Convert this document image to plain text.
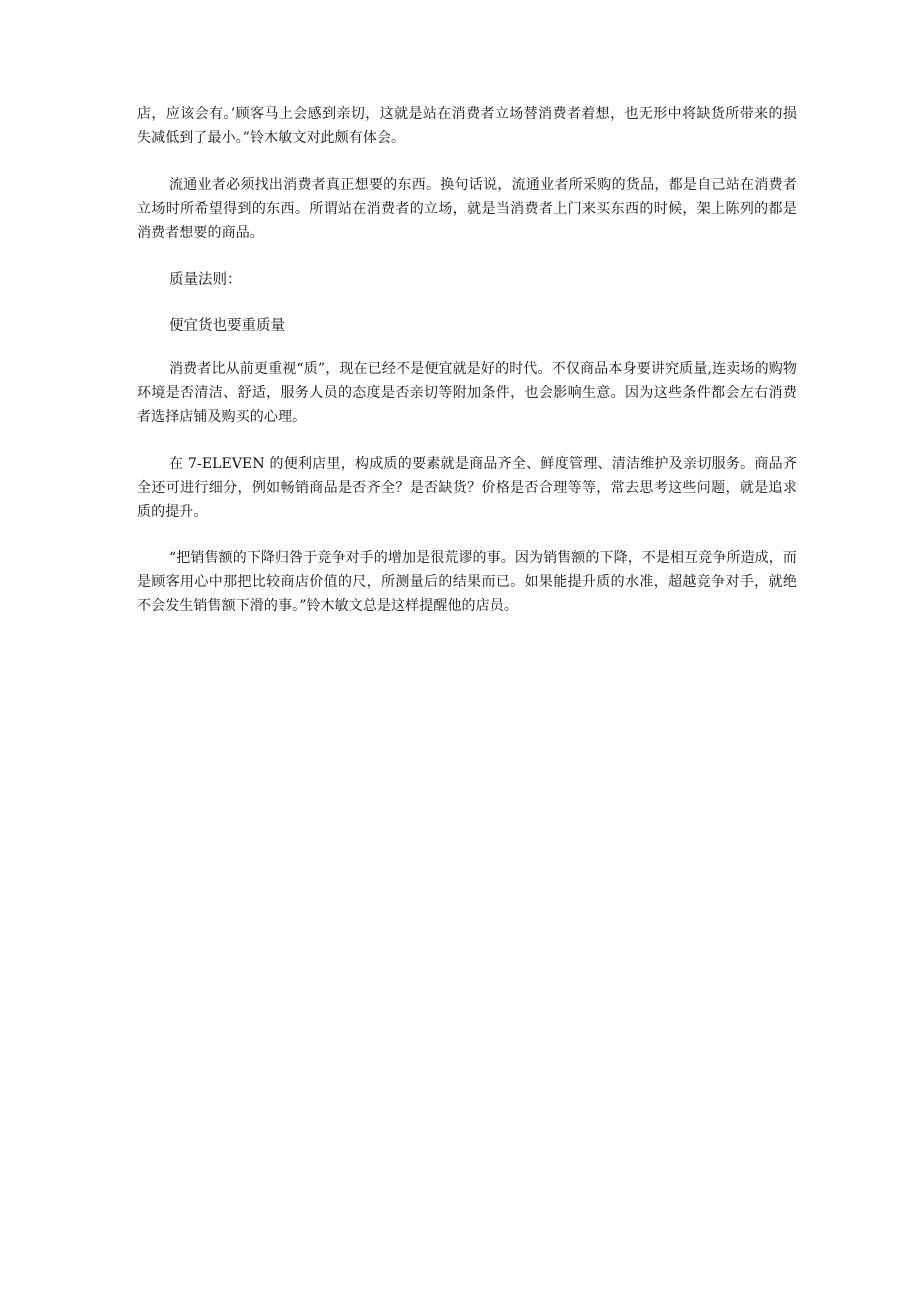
店，应该会有。’顾客马上会感到亲切，这就是站在消费者立场替消费者着想，也无形中将缺货所带来的损失减低到了最小。”铃木敏文对此颇有体会。

流通业者必须找出消费者真正想要的东西。换句话说，流通业者所采购的货品，都是自己站在消费者立场时所希望得到的东西。所谓站在消费者的立场，就是当消费者上门来买东西的时候，架上陈列的都是消费者想要的商品。

质量法则：

便宜货也要重质量

消费者比从前更重视“质”，现在已经不是便宜就是好的时代。不仅商品本身要讲究质量,连卖场的购物环境是否清洁、舒适，服务人员的态度是否亲切等附加条件，也会影响生意。因为这些条件都会左右消费者选择店铺及购买的心理。

在 7-ELEVEN 的便利店里，构成质的要素就是商品齐全、鲜度管理、清洁维护及亲切服务。商品齐全还可进行细分，例如畅销商品是否齐全？是否缺货？价格是否合理等等，常去思考这些问题，就是追求质的提升。

“把销售额的下降归咎于竞争对手的增加是很荒谬的事。因为销售额的下降，不是相互竞争所造成，而是顾客用心中那把比较商店价值的尺，所测量后的结果而已。如果能提升质的水准，超越竞争对手，就绝不会发生销售额下滑的事。”铃木敏文总是这样提醒他的店员。
